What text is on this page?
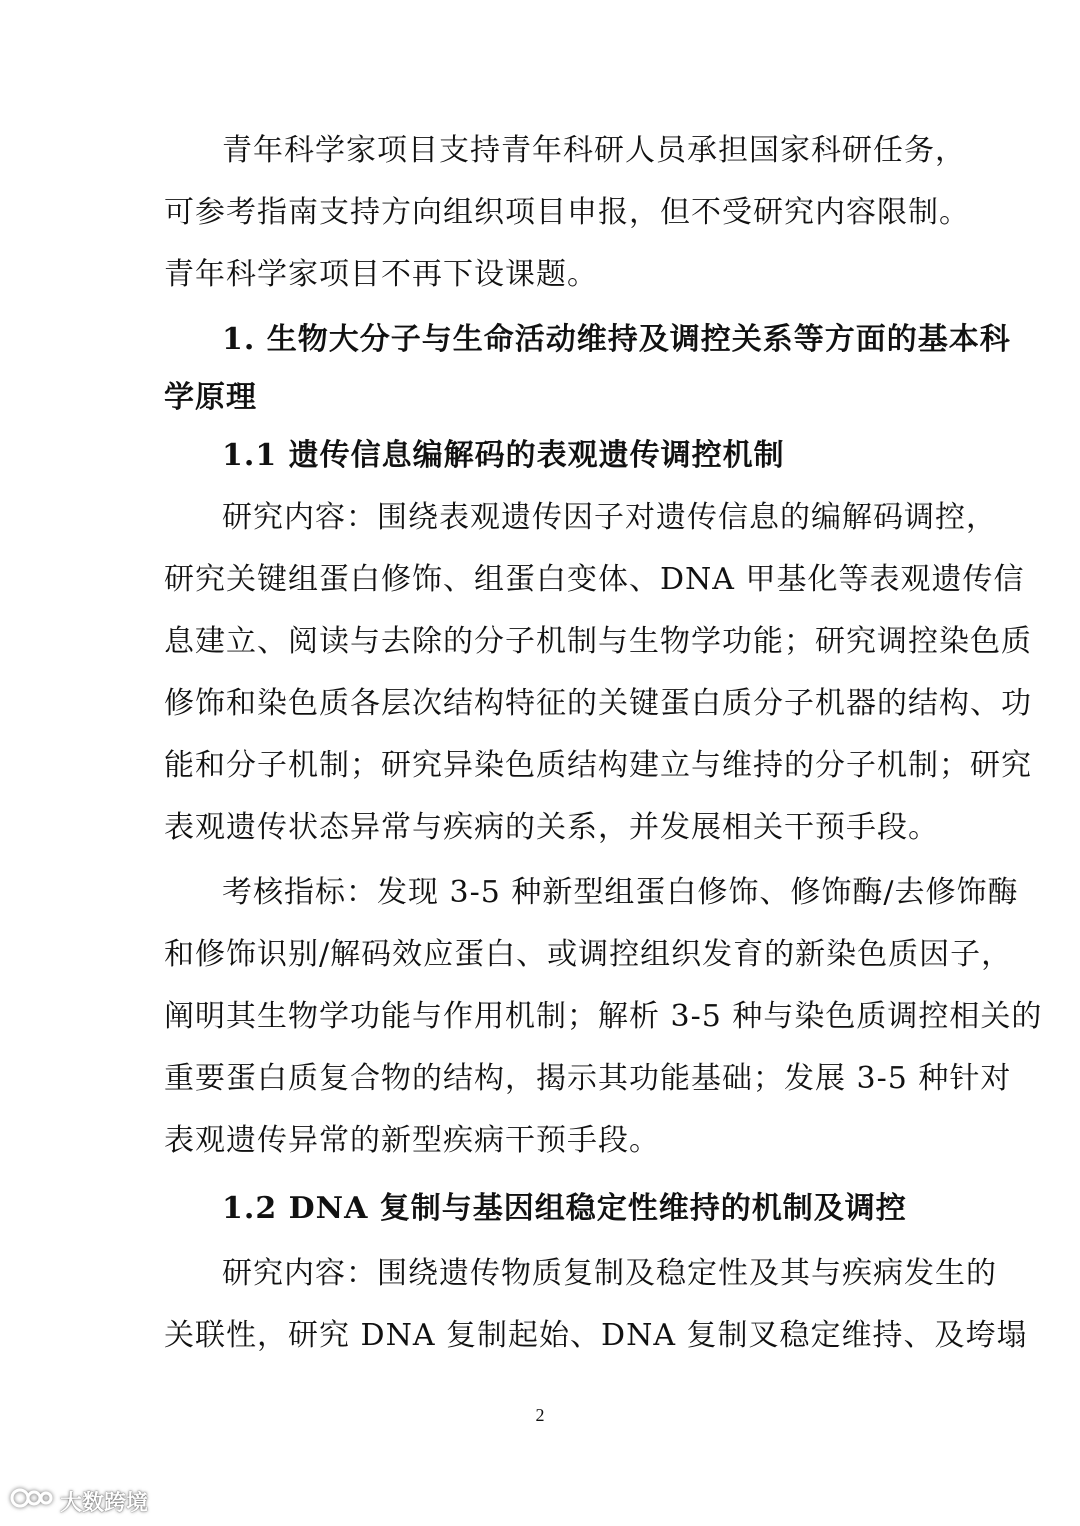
青年科学家项目支持青年科研人员承担国家科研任务，
可参考指南支持方向组织项目申报，但不受研究内容限制。
青年科学家项目不再下设课题。
1. 生物大分子与生命活动维持及调控关系等方面的基本科
学原理
1.1 遗传信息编解码的表观遗传调控机制
研究内容：围绕表观遗传因子对遗传信息的编解码调控，
研究关键组蛋白修饰、组蛋白变体、DNA 甲基化等表观遗传信
息建立、阅读与去除的分子机制与生物学功能；研究调控染色质
修饰和染色质各层次结构特征的关键蛋白质分子机器的结构、功
能和分子机制；研究异染色质结构建立与维持的分子机制；研究
表观遗传状态异常与疾病的关系，并发展相关干预手段。
考核指标：发现 3-5 种新型组蛋白修饰、修饰酶/去修饰酶
和修饰识别/解码效应蛋白、或调控组织发育的新染色质因子，
阐明其生物学功能与作用机制；解析 3-5 种与染色质调控相关的
重要蛋白质复合物的结构，揭示其功能基础；发展 3-5 种针对
表观遗传异常的新型疾病干预手段。
1.2 DNA 复制与基因组稳定性维持的机制及调控
研究内容：围绕遗传物质复制及稳定性及其与疾病发生的
关联性，研究 DNA 复制起始、DNA 复制叉稳定维持、及垮塌
2
大数跨境
